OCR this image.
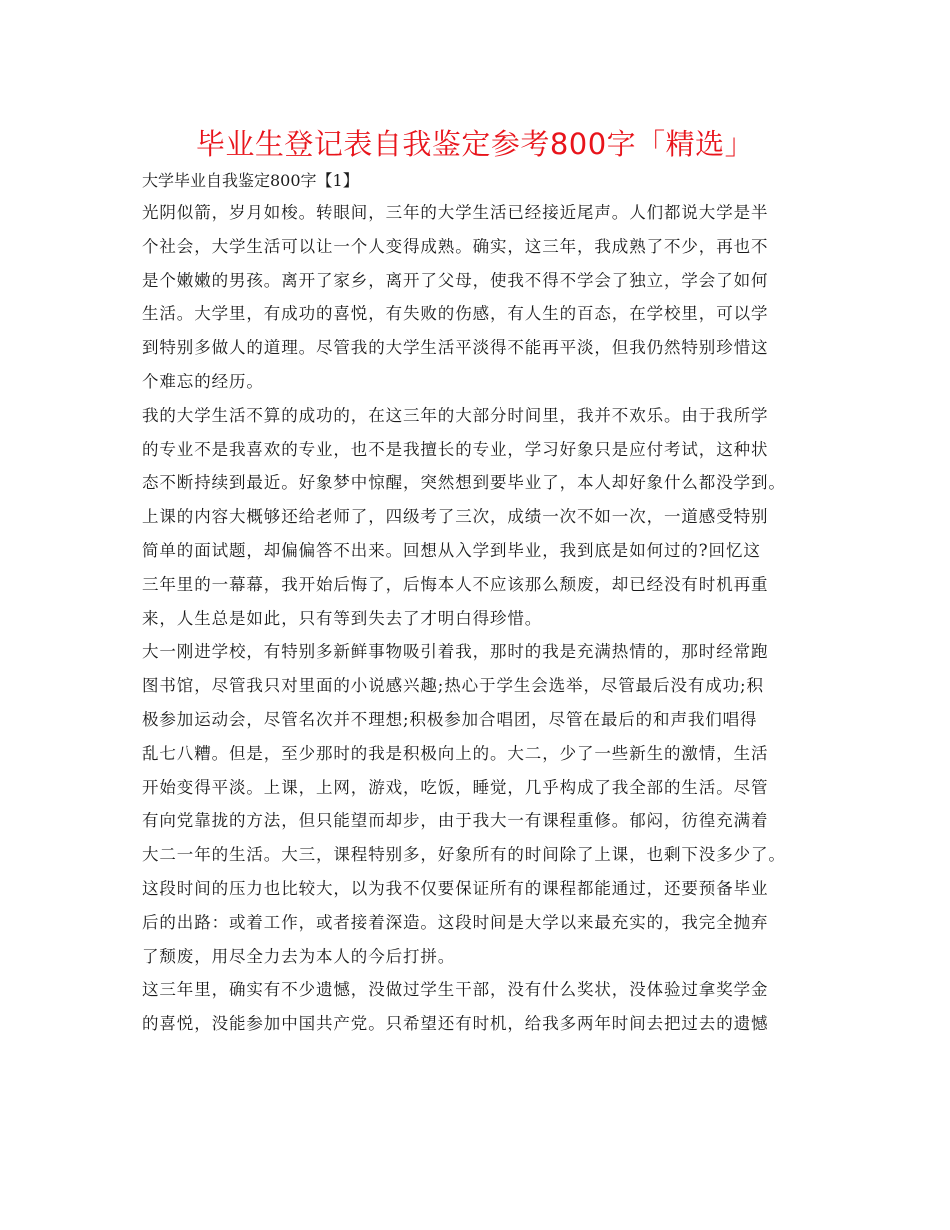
毕业生登记表自我鉴定参考800字「精选」
大学毕业自我鉴定800字【1】
光阴似箭，岁月如梭。转眼间，三年的大学生活已经接近尾声。人们都说大学是半
个社会，大学生活可以让一个人变得成熟。确实，这三年，我成熟了不少，再也不
是个嫩嫩的男孩。离开了家乡，离开了父母，使我不得不学会了独立，学会了如何
生活。大学里，有成功的喜悦，有失败的伤感，有人生的百态，在学校里，可以学
到特别多做人的道理。尽管我的大学生活平淡得不能再平淡，但我仍然特别珍惜这
个难忘的经历。
我的大学生活不算的成功的，在这三年的大部分时间里，我并不欢乐。由于我所学
的专业不是我喜欢的专业，也不是我擅长的专业，学习好象只是应付考试，这种状
态不断持续到最近。好象梦中惊醒，突然想到要毕业了，本人却好象什么都没学到。
上课的内容大概够还给老师了，四级考了三次，成绩一次不如一次，一道感受特别
简单的面试题，却偏偏答不出来。回想从入学到毕业，我到底是如何过的?回忆这
三年里的一幕幕，我开始后悔了，后悔本人不应该那么颓废，却已经没有时机再重
来，人生总是如此，只有等到失去了才明白得珍惜。
大一刚进学校，有特别多新鲜事物吸引着我，那时的我是充满热情的，那时经常跑
图书馆，尽管我只对里面的小说感兴趣;热心于学生会选举，尽管最后没有成功;积
极参加运动会，尽管名次并不理想;积极参加合唱团，尽管在最后的和声我们唱得
乱七八糟。但是，至少那时的我是积极向上的。大二，少了一些新生的激情，生活
开始变得平淡。上课，上网，游戏，吃饭，睡觉，几乎构成了我全部的生活。尽管
有向党靠拢的方法，但只能望而却步，由于我大一有课程重修。郁闷，彷徨充满着
大二一年的生活。大三，课程特别多，好象所有的时间除了上课，也剩下没多少了。
这段时间的压力也比较大，以为我不仅要保证所有的课程都能通过，还要预备毕业
后的出路：或着工作，或者接着深造。这段时间是大学以来最充实的，我完全抛弃
了颓废，用尽全力去为本人的今后打拼。
这三年里，确实有不少遗憾，没做过学生干部，没有什么奖状，没体验过拿奖学金
的喜悦，没能参加中国共产党。只希望还有时机，给我多两年时间去把过去的遗憾
